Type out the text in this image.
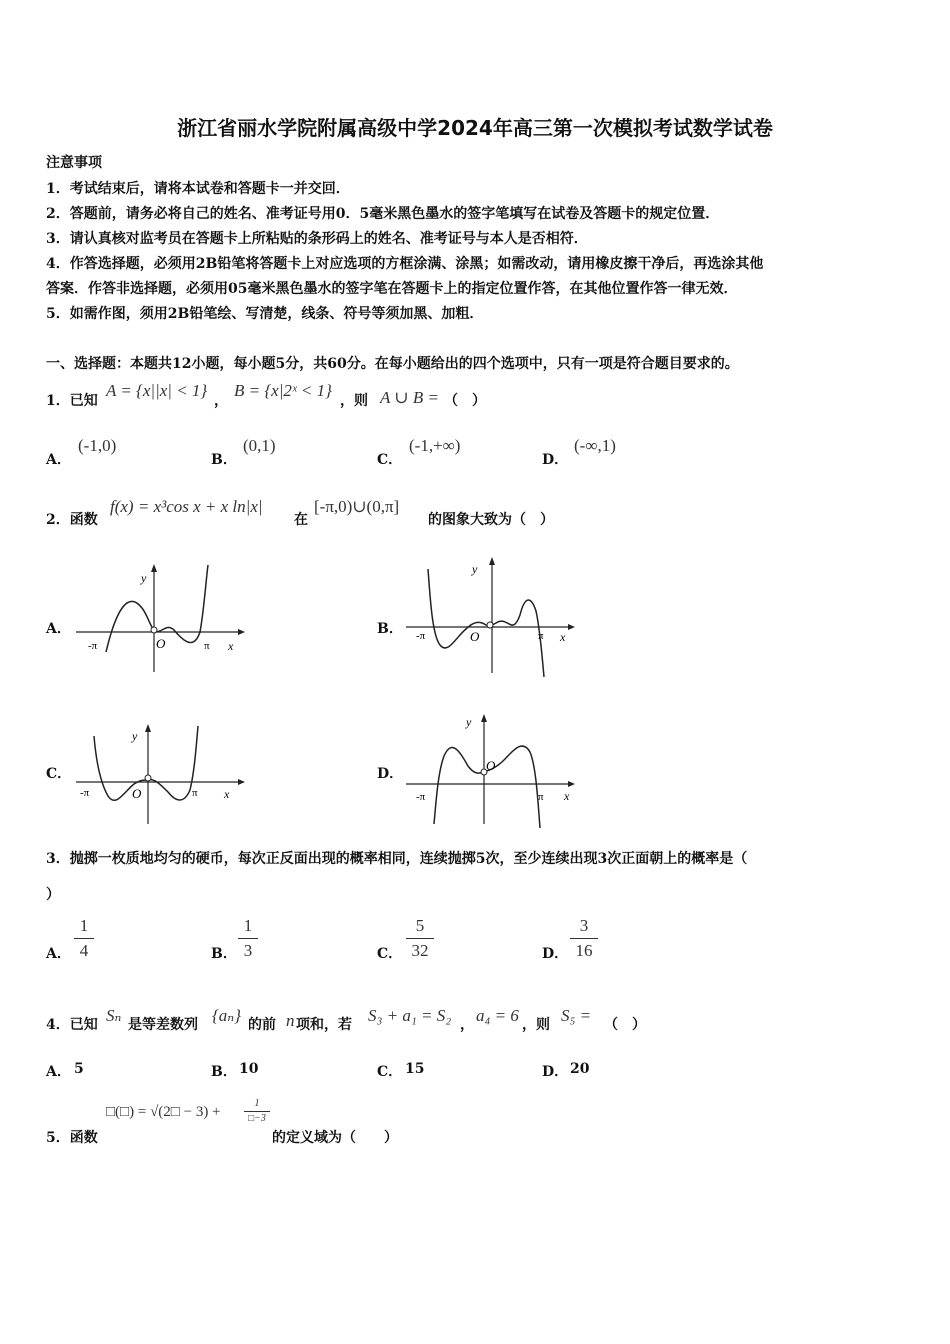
浙江省丽水学院附属高级中学2024年高三第一次模拟考试数学试卷
注意事项
1．考试结束后，请将本试卷和答题卡一并交回．
2．答题前，请务必将自己的姓名、准考证号用0．5毫米黑色墨水的签字笔填写在试卷及答题卡的规定位置．
3．请认真核对监考员在答题卡上所粘贴的条形码上的姓名、准考证号与本人是否相符．
4．作答选择题，必须用2B铅笔将答题卡上对应选项的方框涂满、涂黑；如需改动，请用橡皮擦干净后，再选涂其他
答案．作答非选择题，必须用05毫米黑色墨水的签字笔在答题卡上的指定位置作答，在其他位置作答一律无效．
5．如需作图，须用2B铅笔绘、写清楚，线条、符号等须加黑、加粗．
一、选择题：本题共12小题，每小题5分，共60分。在每小题给出的四个选项中，只有一项是符合题目要求的。
1．已知
A = {x||x| < 1}
，
B = {x|2ˣ < 1}
，则 A ∪ B = （　）
A．
(-1,0)
B．
(0,1)
C．
(-1,+∞)
D．
(-∞,1)
2．函数
f(x) = x³cos x + x ln|x|
在
[-π,0)∪(0,π]
的图象大致为（　）
A．	B．
C．	D．
y
x
O
-π	π
y
x
O
-π	π
y
x
O
-π	π
y
x
O
-π	π
3．抛掷一枚质地均匀的硬币，每次正反面出现的概率相同，连续抛掷5次，至少连续出现3次正面朝上的概率是（
）
A．
1
4	B．
1
3	C．
5
32	D．
3
16
4．已知 Sₙ 是等差数列 {aₙ} 的前 n 项和，若 S₃ + a₁ = S₂ ， a₄ = 6 ，则 S₅ = （　）
A． 5	B． 10	C． 15	D． 20
5．函数
□(□) = √(2□ − 3) +
1
□−3
的定义域为（　　）
